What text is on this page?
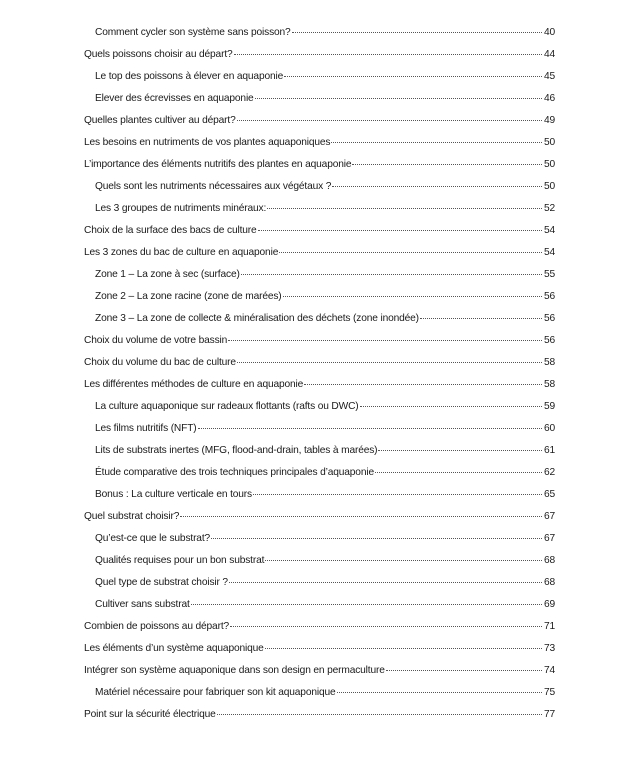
Comment cycler son système sans poisson?	40
Quels poissons choisir au départ?	44
Le top des poissons à élever en aquaponie	45
Elever des écrevisses en aquaponie	46
Quelles plantes cultiver au départ?	49
Les besoins en nutriments de vos plantes aquaponiques	50
L’importance des éléments nutritifs des plantes en aquaponie	50
Quels sont les nutriments nécessaires aux végétaux ?	50
Les 3 groupes de nutriments minéraux:	52
Choix de la surface des bacs de culture	54
Les 3 zones du bac de culture en aquaponie	54
Zone 1 – La zone à sec (surface)	55
Zone 2 – La zone racine (zone de marées)	56
Zone 3 – La zone de collecte & minéralisation des déchets (zone inondée)	56
Choix du volume de votre bassin	56
Choix du volume du bac de culture	58
Les différentes méthodes de culture en aquaponie	58
La culture aquaponique sur radeaux flottants (rafts ou DWC)	59
Les films nutritifs (NFT)	60
Lits de substrats inertes (MFG, flood-and-drain, tables à marées)	61
Étude comparative des trois techniques principales d’aquaponie	62
Bonus : La culture verticale en tours	65
Quel substrat choisir?	67
Qu’est-ce que le substrat?	67
Qualités requises pour un bon substrat	68
Quel type de substrat choisir ?	68
Cultiver sans substrat	69
Combien de poissons au départ?	71
Les éléments d’un système aquaponique	73
Intégrer son système aquaponique dans son design en permaculture	74
Matériel nécessaire pour fabriquer son kit aquaponique	75
Point sur la sécurité électrique	77
